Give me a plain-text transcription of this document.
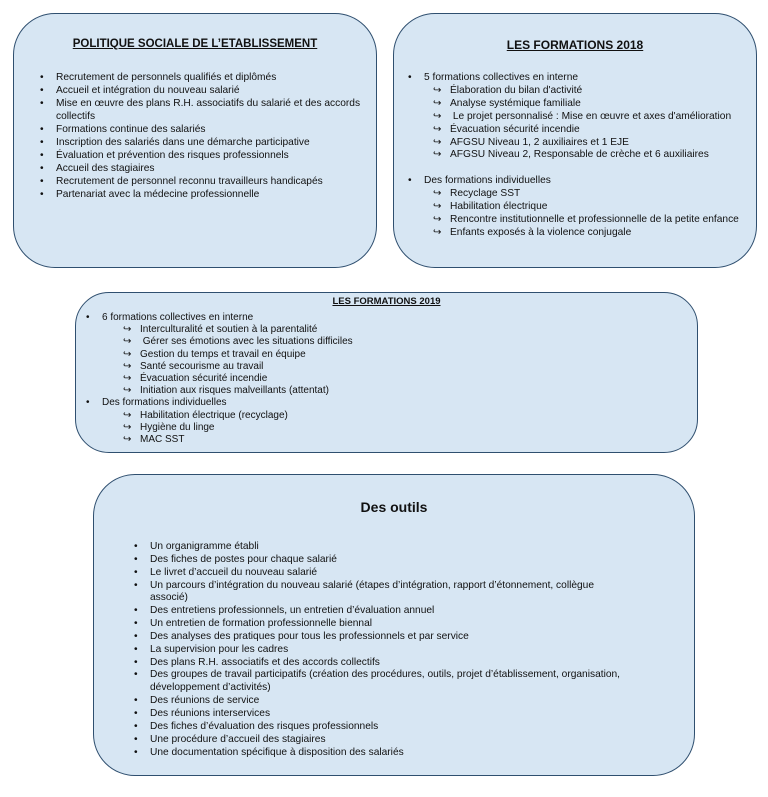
POLITIQUE SOCIALE DE L’ETABLISSEMENT
• Recrutement de personnels qualifiés et diplômés
• Accueil et intégration du nouveau salarié
• Mise en œuvre des plans R.H. associatifs du salarié et des accords collectifs
• Formations continue des salariés
• Inscription des salariés dans une démarche participative
• Évaluation et prévention des risques professionnels
• Accueil des stagiaires
• Recrutement de personnel reconnu travailleurs handicapés
• Partenariat avec la médecine professionnelle
LES FORMATIONS 2018
• 5 formations collectives en interne
↪ Élaboration du bilan d'activité
↪ Analyse systémique familiale
↪  Le projet personnalisé : Mise en œuvre et axes d'amélioration
↪ Évacuation sécurité incendie
↪ AFGSU Niveau 1, 2 auxiliaires et 1 EJE
↪ AFGSU Niveau 2, Responsable de crèche et 6 auxiliaires
• Des formations individuelles
↪ Recyclage SST
↪ Habilitation électrique
↪ Rencontre institutionnelle et professionnelle de la petite enfance
↪ Enfants exposés à la violence conjugale
LES FORMATIONS 2019
• 6 formations collectives en interne
↪ Interculturalité et soutien à la parentalité
↪  Gérer ses émotions avec les situations difficiles
↪ Gestion du temps et travail en équipe
↪ Santé secourisme au travail
↪ Évacuation sécurité incendie
↪ Initiation aux risques malveillants (attentat)
• Des formations individuelles
↪ Habilitation électrique (recyclage)
↪ Hygiène du linge
↪ MAC SST
Des outils
• Un organigramme établi
• Des fiches de postes pour chaque salarié
• Le livret d’accueil du nouveau salarié
• Un parcours d’intégration du nouveau salarié (étapes d’intégration, rapport d’étonnement, collègue associé)
• Des entretiens professionnels, un entretien d’évaluation annuel
• Un entretien de formation professionnelle biennal
• Des analyses des pratiques pour tous les professionnels et par service
• La supervision pour les cadres
• Des plans R.H. associatifs et des accords collectifs
• Des groupes de travail participatifs (création des procédures, outils, projet d’établissement, organisation, développement d’activités)
• Des réunions de service
• Des réunions interservices
• Des fiches d’évaluation des risques professionnels
• Une procédure d’accueil des stagiaires
• Une documentation spécifique à disposition des salariés
